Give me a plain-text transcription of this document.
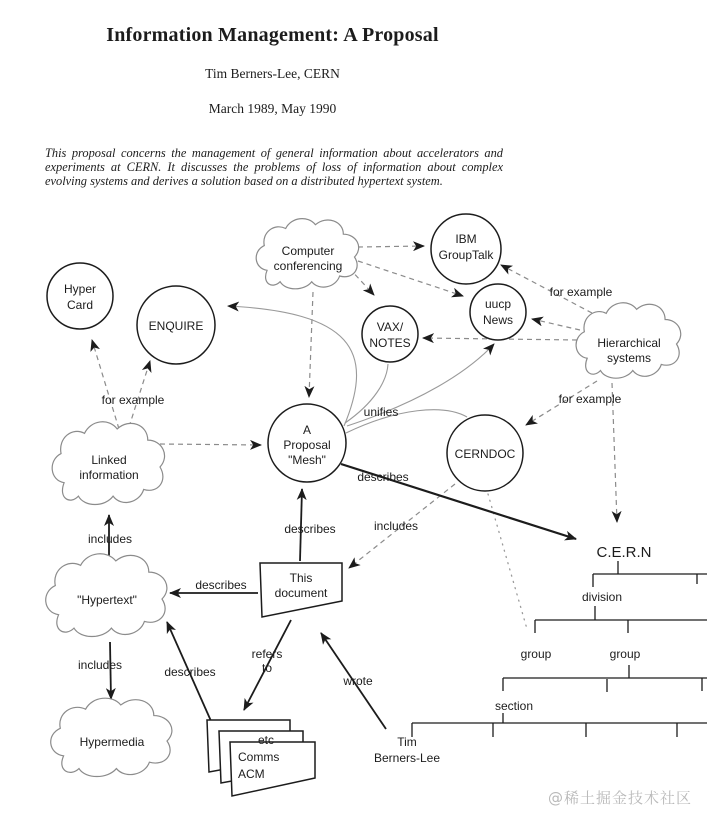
Information Management: A Proposal
Tim Berners-Lee, CERN
March 1989, May 1990
This proposal concerns the management of general information about accelerators and experiments at CERN. It discusses the problems of loss of information about complex evolving systems and derives a solution based on a distributed hypertext system.
Hyper
Card
ENQUIRE
Computer
conferencing
IBM
GroupTalk
uucp
News
VAX/
NOTES	Hierarchical
systems
A
Proposal
"Mesh"	CERNDOC
Linked
information
"Hypertext"
Hypermedia
This
document
etc
Comms
ACM
for example
for example
for example
unifies
describes
includes
describes
includes
describes
describes
includes
refers
to
wrote
C.E.R.N
division
group	group
section
Tim
Berners-Lee
@稀土掘金技术社区
